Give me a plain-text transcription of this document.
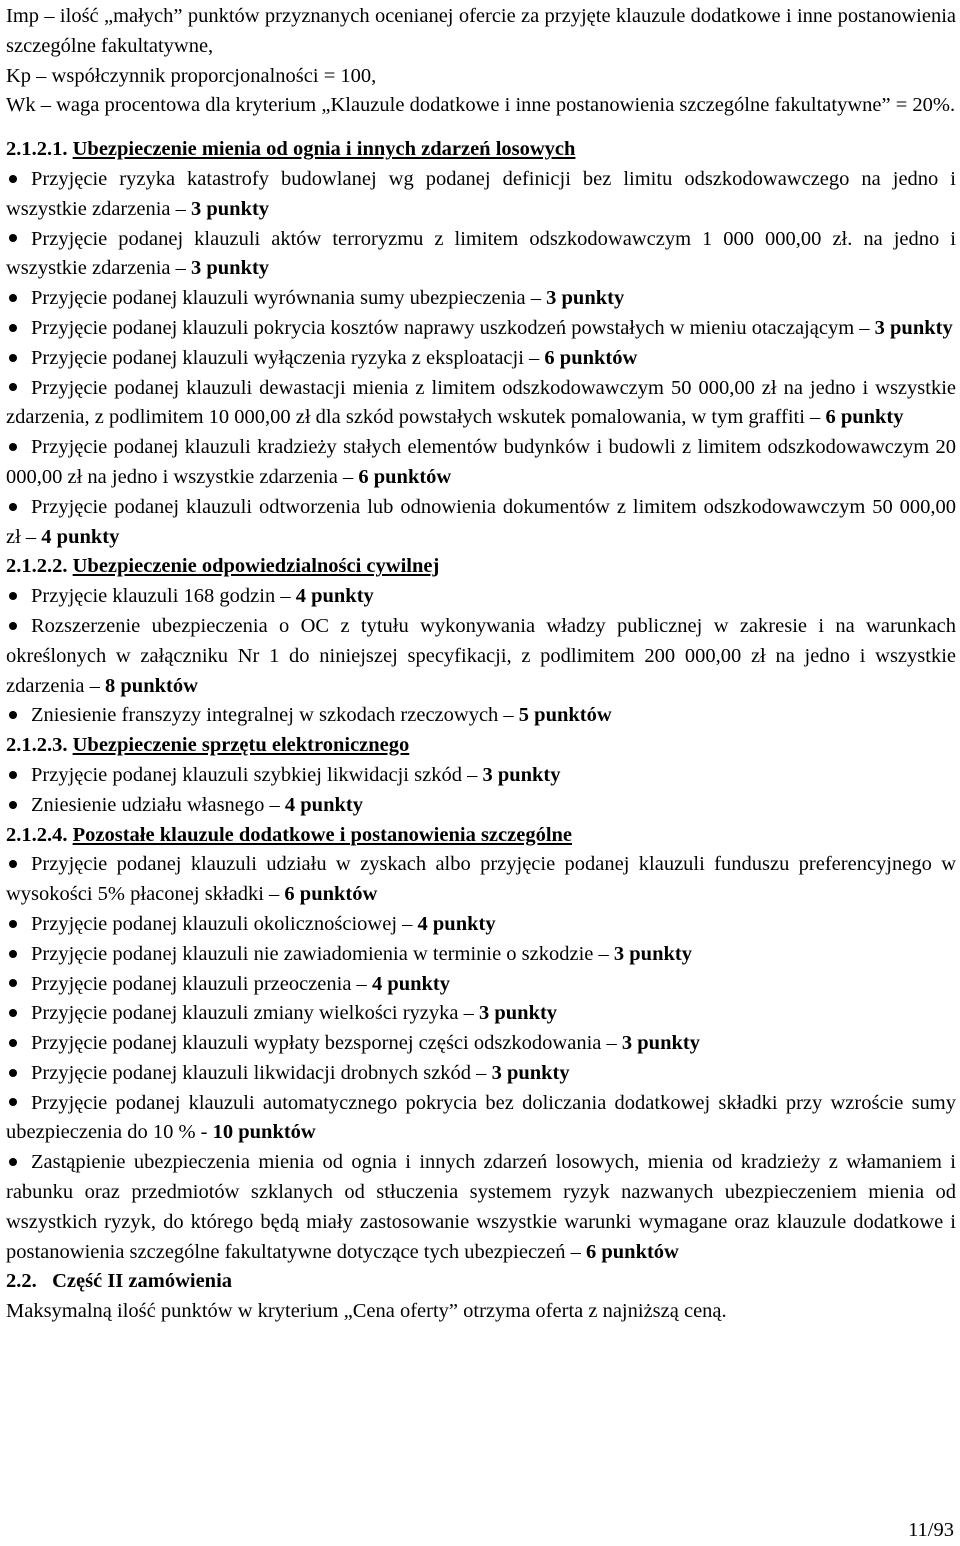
Imp – ilość „małych” punktów przyznanych ocenianej ofercie za przyjęte klauzule dodatkowe i inne postanowienia szczególne fakultatywne,

Kp – współczynnik proporcjonalności = 100,

Wk – waga procentowa dla kryterium „Klauzule dodatkowe i inne postanowienia szczególne fakultatywne” = 20%.

2.1.2.1. Ubezpieczenie mienia od ognia i innych zdarzeń losowych

Przyjęcie ryzyka katastrofy budowlanej wg podanej definicji bez limitu odszkodowawczego na jedno i wszystkie zdarzenia – 3 punkty

Przyjęcie podanej klauzuli aktów terroryzmu z limitem odszkodowawczym 1 000 000,00 zł. na jedno i wszystkie zdarzenia – 3 punkty

Przyjęcie podanej klauzuli wyrównania sumy ubezpieczenia – 3 punkty

Przyjęcie podanej klauzuli pokrycia kosztów naprawy uszkodzeń powstałych w mieniu otaczającym – 3 punkty

Przyjęcie podanej klauzuli wyłączenia ryzyka z eksploatacji – 6 punktów

Przyjęcie podanej klauzuli dewastacji mienia z limitem odszkodowawczym 50 000,00 zł na jedno i wszystkie zdarzenia, z podlimitem 10 000,00 zł dla szkód powstałych wskutek pomalowania, w tym graffiti – 6 punkty

Przyjęcie podanej klauzuli kradzieży stałych elementów budynków i budowli z limitem odszkodowawczym 20 000,00 zł na jedno i wszystkie zdarzenia – 6 punktów

Przyjęcie podanej klauzuli odtworzenia lub odnowienia dokumentów z limitem odszkodowawczym 50 000,00 zł – 4 punkty

2.1.2.2. Ubezpieczenie odpowiedzialności cywilnej

Przyjęcie klauzuli 168 godzin – 4 punkty

Rozszerzenie ubezpieczenia o OC z tytułu wykonywania władzy publicznej w zakresie i na warunkach określonych w załączniku Nr 1 do niniejszej specyfikacji, z podlimitem 200 000,00 zł na jedno i wszystkie zdarzenia – 8 punktów

Zniesienie franszyzy integralnej w szkodach rzeczowych – 5 punktów

2.1.2.3. Ubezpieczenie sprzętu elektronicznego

Przyjęcie podanej klauzuli szybkiej likwidacji szkód – 3 punkty

Zniesienie udziału własnego – 4 punkty

2.1.2.4. Pozostałe klauzule dodatkowe i postanowienia szczególne

Przyjęcie podanej klauzuli udziału w zyskach albo przyjęcie podanej klauzuli funduszu preferencyjnego w wysokości 5% płaconej składki – 6 punktów

Przyjęcie podanej klauzuli okolicznościowej – 4 punkty

Przyjęcie podanej klauzuli nie zawiadomienia w terminie o szkodzie – 3 punkty

Przyjęcie podanej klauzuli przeoczenia – 4 punkty

Przyjęcie podanej klauzuli zmiany wielkości ryzyka – 3 punkty

Przyjęcie podanej klauzuli wypłaty bezspornej części odszkodowania – 3 punkty

Przyjęcie podanej klauzuli likwidacji drobnych szkód – 3 punkty

Przyjęcie podanej klauzuli automatycznego pokrycia bez doliczania dodatkowej składki przy wzroście sumy ubezpieczenia do 10 % - 10 punktów

Zastąpienie ubezpieczenia mienia od ognia i innych zdarzeń losowych, mienia od kradzieży z włamaniem i rabunku oraz przedmiotów szklanych od stłuczenia systemem ryzyk nazwanych ubezpieczeniem mienia od wszystkich ryzyk, do którego będą miały zastosowanie wszystkie warunki wymagane oraz klauzule dodatkowe i postanowienia szczególne fakultatywne dotyczące tych ubezpieczeń – 6 punktów

2.2. Część II zamówienia

Maksymalną ilość punktów w kryterium „Cena oferty” otrzyma oferta z najniższą ceną.

11/93
